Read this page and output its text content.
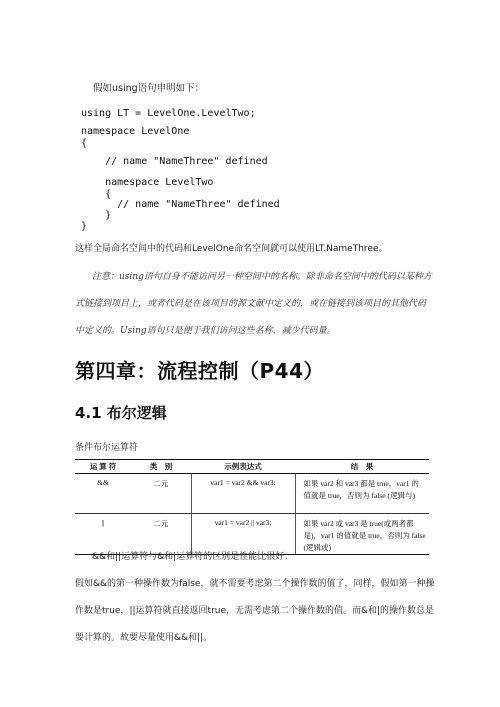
假如using语句申明如下：
using LT = LevelOne.LevelTwo;
namespace LevelOne
{
// name "NameThree" defined
namespace LevelTwo
{
// name "NameThree" defined
}
}
这样全局命名空间中的代码和LevelOne命名空间就可以使用LT.NameThree。
注意：using语句自身不能访问另一种空间中的名称。除非命名空间中的代码以某种方
式链接到项目上，或者代码是在该项目的源文献中定义的，或在链接到该项目的其他代码
中定义的。Using语句只是便于我们访问这些名称，减少代码量。
第四章：流程控制（P44）
4.1 布尔逻辑
条件布尔运算符
运 算 符	类　别	示例表达式	结　果
&&	二元	var1 = var2 && var3;	如果 var2 和 var3 都是 true，var1 的
值就是 true，否则为 false (逻辑与)

||	二元	var1 = var2 || var3;	如果 var2 或 var3 是 true(或两者都
是)，var1 的值就是 true，否则为 false
(逻辑或)
&&和||运算符与&和|运算符的区别是性能比很好：
假如&&的第一种操作数为false，就不需要考虑第二个操作数的值了，同样，假如第一种操
作数是true，||运算符就直接返回true，无需考虑第二个操作数的值。而&和|的操作数总是
要计算的。故要尽量使用&&和||。
